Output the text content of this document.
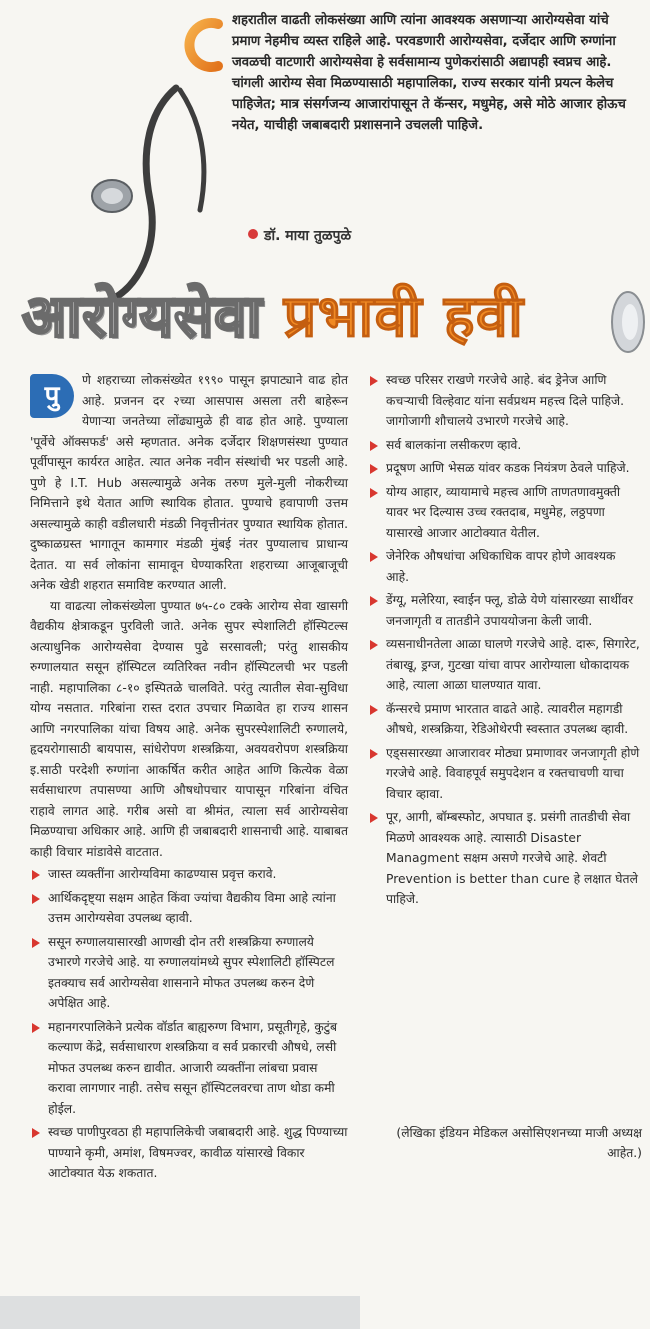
शहरातील वाढती लोकसंख्या आणि त्यांना आवश्यक असणाऱ्या आरोग्यसेवा यांचे प्रमाण नेहमीच व्यस्त राहिले आहे. परवडणारी आरोग्यसेवा, दर्जेदार आणि रुग्णांना जवळची वाटणारी आरोग्यसेवा हे सर्वसामान्य पुणेकरांसाठी अद्यापही स्वप्नच आहे. चांगली आरोग्य सेवा मिळण्यासाठी महापालिका, राज्य सरकार यांनी प्रयत्न केलेच पाहिजेत; मात्र संसर्गजन्य आजारांपासून ते कॅन्सर, मधुमेह, असे मोठे आजार होऊच नयेत, याचीही जबाबदारी प्रशासनाने उचलली पाहिजे.
डॉ. माया तुळपुळे
आरोग्यसेवा प्रभावी हवी

पु
णे शहराच्या लोकसंख्येत १९९० पासून झपाट्याने वाढ होत आहे. प्रजनन दर २च्या आसपास असला तरी बाहेरून येणाऱ्या जनतेच्या लोंढ्यामुळे ही वाढ होत आहे. पुण्याला 'पूर्वेचे ऑक्सफर्ड' असे म्हणतात. अनेक दर्जेदार शिक्षणसंस्था पुण्यात पूर्वीपासून कार्यरत आहेत. त्यात अनेक नवीन संस्थांची भर पडली आहे. पुणे हे I.T. Hub असल्यामुळे अनेक तरुण मुले-मुली नोकरीच्या निमित्ताने इथे येतात आणि स्थायिक होतात. पुण्याचे हवापाणी उत्तम असल्यामुळे काही वडीलधारी मंडळी निवृत्तीनंतर पुण्यात स्थायिक होतात. दुष्काळग्रस्त भागातून कामगार मंडळी मुंबई नंतर पुण्यालाच प्राधान्य देतात. या सर्व लोकांना सामावून घेण्याकरिता शहराच्या आजूबाजूची अनेक खेडी शहरात समाविष्ट करण्यात आली.

या वाढत्या लोकसंख्येला पुण्यात ७५-८० टक्के आरोग्य सेवा खासगी वैद्यकीय क्षेत्राकडून पुरविली जाते. अनेक सुपर स्पेशालिटी हॉस्पिटल्स अत्याधुनिक आरोग्यसेवा देण्यास पुढे सरसावली; परंतु शासकीय रुग्णालयात ससून हॉस्पिटल व्यतिरिक्त नवीन हॉस्पिटलची भर पडली नाही. महापालिका ८-१० इस्पितळे चालविते. परंतु त्यातील सेवा-सुविधा योग्य नसतात. गरिबांना रास्त दरात उपचार मिळावेत हा राज्य शासन आणि नगरपालिका यांचा विषय आहे. अनेक सुपरस्पेशालिटी रुग्णालये, हृदयरोगासाठी बायपास, सांधेरोपण शस्त्रक्रिया, अवयवरोपण शस्त्रक्रिया इ.साठी परदेशी रुग्णांना आकर्षित करीत आहेत आणि कित्येक वेळा सर्वसाधारण तपासण्या आणि औषधोपचार यापासून गरिबांना वंचित राहावे लागत आहे. गरीब असो वा श्रीमंत, त्याला सर्व आरोग्यसेवा मिळण्याचा अधिकार आहे. आणि ही जबाबदारी शासनाची आहे. याबाबत काही विचार मांडावेसे वाटतात.

जास्त व्यक्तींना आरोग्यविमा काढण्यास प्रवृत्त करावे.
आर्थिकदृष्ट्या सक्षम आहेत किंवा ज्यांचा वैद्यकीय विमा आहे त्यांना उत्तम आरोग्यसेवा उपलब्ध व्हावी.
ससून रुग्णालयासारखी आणखी दोन तरी शस्त्रक्रिया रुग्णालये उभारणे गरजेचे आहे. या रुग्णालयांमध्ये सुपर स्पेशालिटी हॉस्पिटल इतक्याच सर्व आरोग्यसेवा शासनाने मोफत उपलब्ध करुन देणे अपेक्षित आहे.
महानगरपालिकेने प्रत्येक वॉर्डात बाह्यरुग्ण विभाग, प्रसूतीगृहे, कुटुंब कल्याण केंद्रे, सर्वसाधारण शस्त्रक्रिया व सर्व प्रकारची औषधे, लसी मोफत उपलब्ध करुन द्यावीत. आजारी व्यक्तींना लांबचा प्रवास करावा लागणार नाही. तसेच ससून हॉस्पिटलवरचा ताण थोडा कमी होईल.
स्वच्छ पाणीपुरवठा ही महापालिकेची जबाबदारी आहे. शुद्ध पिण्याच्या पाण्याने कृमी, अमांश, विषमज्वर, कावीळ यांसारखे विकार आटोक्यात येऊ शकतात.
स्वच्छ परिसर राखणे गरजेचे आहे. बंद ड्रेनेज आणि कचऱ्याची विल्हेवाट यांना सर्वप्रथम महत्त्व दिले पाहिजे. जागोजागी शौचालये उभारणे गरजेचे आहे.
सर्व बालकांना लसीकरण व्हावे.
प्रदूषण आणि भेसळ यांवर कडक नियंत्रण ठेवले पाहिजे.
योग्य आहार, व्यायामाचे महत्त्व आणि ताणतणावमुक्ती यावर भर दिल्यास उच्च रक्तदाब, मधुमेह, लठ्ठपणा यासारखे आजार आटोक्यात येतील.
जेनेरिक औषधांचा अधिकाधिक वापर होणे आवश्यक आहे.
डेंग्यू, मलेरिया, स्वाईन फ्लू, डोळे येणे यांसारख्या साथींवर जनजागृती व तातडीने उपाययोजना केली जावी.
व्यसनाधीनतेला आळा घालणे गरजेचे आहे. दारू, सिगारेट, तंबाखू, ड्रग्ज, गुटखा यांचा वापर आरोग्याला धोकादायक आहे, त्याला आळा घालण्यात यावा.
कॅन्सरचे प्रमाण भारतात वाढते आहे. त्यावरील महागडी औषधे, शस्त्रक्रिया, रेडिओथेरपी स्वस्तात उपलब्ध व्हावी.
एड्ससारख्या आजारावर मोठ्या प्रमाणावर जनजागृती होणे गरजेचे आहे. विवाहपूर्व समुपदेशन व रक्तचाचणी याचा विचार व्हावा.
पूर, आगी, बॉम्बस्फोट, अपघात इ. प्रसंगी तातडीची सेवा मिळणे आवश्यक आहे. त्यासाठी Disaster Managment सक्षम असणे गरजेचे आहे. शेवटी Prevention is better than cure हे लक्षात घेतले पाहिजे.
(लेखिका इंडियन मेडिकल असोसिएशनच्या माजी अध्यक्ष आहेत.)
